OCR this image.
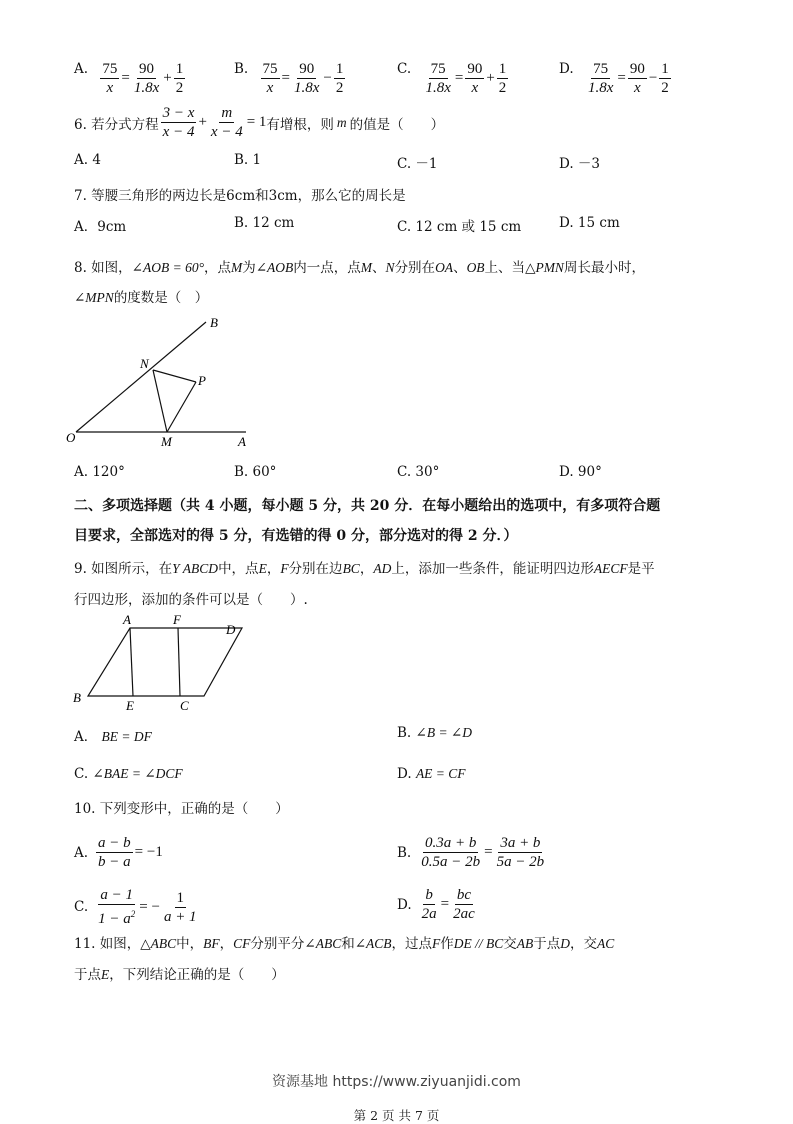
A. $\frac{75}{x} = \frac{90}{1.8x} + \frac{1}{2}$	B. $\frac{75}{x} = \frac{90}{1.8x} - \frac{1}{2}$	C. $\frac{75}{1.8x} = \frac{90}{x} + \frac{1}{2}$	D. $\frac{75}{1.8x} = \frac{90}{x} - \frac{1}{2}$
6. 若分式方程 $\frac{3 - x}{x - 4} + \frac{m}{x - 4} = 1$ 有增根，则 m 的值是（　　）
A. 4	B. 1	C. －1	D. －3
7. 等腰三角形的两边长是6cm和3cm，那么它的周长是
A．9cm	B. 12 cm	C. 12 cm 或 15 cm	D. 15 cm
8. 如图，∠AOB = 60°，点M为∠AOB内一点，点M、N分别在OA、OB上、当△PMN周长最小时，
∠MPN的度数是（　）
B
N
P
O	M	A
A. 120°	B. 60°	C. 30°	D. 90°
二、多项选择题（共 4 小题，每小题 5 分，共 20 分．在每小题给出的选项中，有多项符合题
目要求，全部选对的得 5 分，有选错的得 0 分，部分选对的得 2 分．）
9. 如图所示，在Y ABCD中，点E，F分别在边BC，AD上，添加一些条件，能证明四边形AECF是平
行四边形，添加的条件可以是（　　）.
A	F
D
B
E	C
A． BE = DF	B. ∠B = ∠D
C. ∠BAE = ∠DCF	D. AE = CF
10. 下列变形中，正确的是（　　）
A. $\frac{a - b}{b - a} = -1$	B. $\frac{0.3a + b}{0.5a - 2b} = \frac{3a + b}{5a - 2b}$
C. $\frac{a - 1}{1 - a^2}$ = − $\frac{1}{a + 1}$	D. $\frac{b}{2a} = \frac{bc}{2ac}$
11. 如图，△ABC中，BF，CF分别平分∠ABC和∠ACB，过点F作DE // BC交AB于点D，交AC
于点E，下列结论正确的是（　　）
资源基地 https://www.ziyuanjidi.com
第 2 页 共 7 页
